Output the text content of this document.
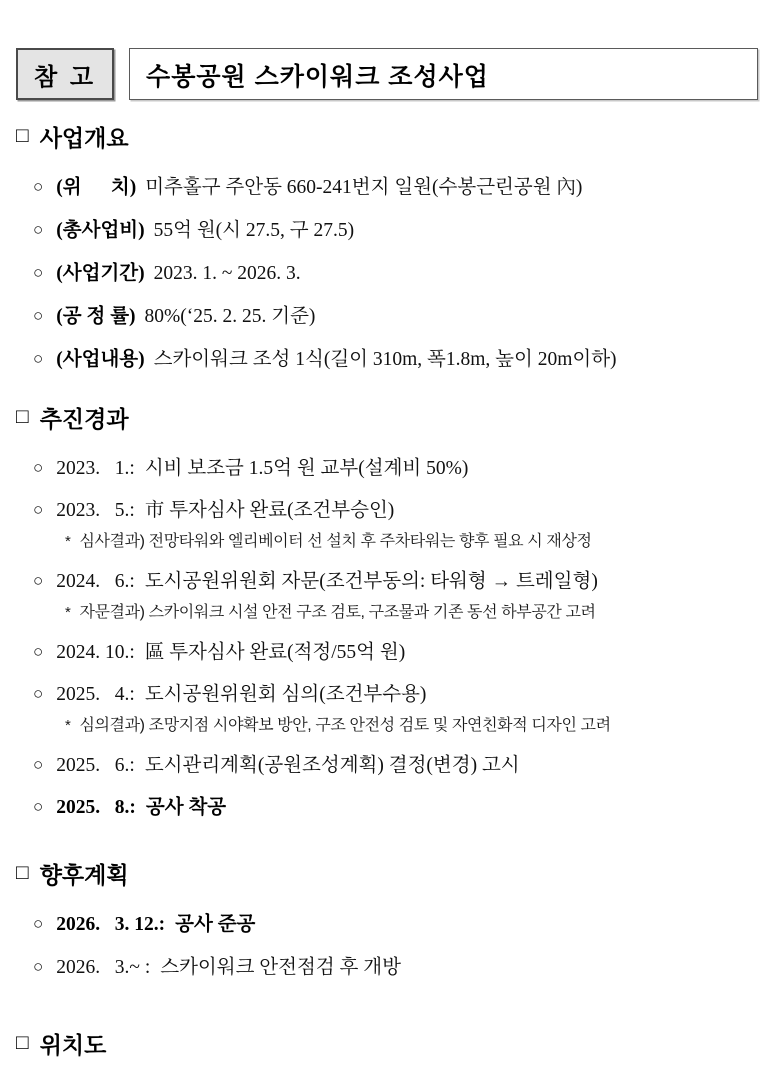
참 고	수봉공원 스카이워크 조성사업
□ 사업개요
○ (위      치) 미추홀구 주안동 660-241번지 일원(수봉근린공원 內)
○ (총사업비) 55억 원(시 27.5, 구 27.5)
○ (사업기간) 2023. 1. ~ 2026. 3.
○ (공 정 률) 80%(‘25. 2. 25. 기준)
○ (사업내용) 스카이워크 조성 1식(길이 310m, 폭1.8m, 높이 20m이하)
□ 추진경과
○ 2023.   1.: 시비 보조금 1.5억 원 교부(설계비 50%)
○ 2023.   5.: 市 투자심사 완료(조건부승인)
* 심사결과) 전망타워와 엘리베이터 선 설치 후 주차타워는 향후 필요 시 재상정
○ 2024.   6.: 도시공원위원회 자문(조건부동의: 타워형 → 트레일형)
* 자문결과) 스카이워크 시설 안전 구조 검토, 구조물과 기존 동선 하부공간 고려
○ 2024. 10.: 區 투자심사 완료(적정/55억 원)
○ 2025.   4.: 도시공원위원회 심의(조건부수용)
* 심의결과) 조망지점 시야확보 방안, 구조 안전성 검토 및 자연친화적 디자인 고려
○ 2025.   6.: 도시관리계획(공원조성계획) 결정(변경) 고시
○ 2025.   8.: 공사 착공
□ 향후계획
○ 2026.   3. 12.: 공사 준공
○ 2026.   3.~ : 스카이워크 안전점검 후 개방
□ 위치도
